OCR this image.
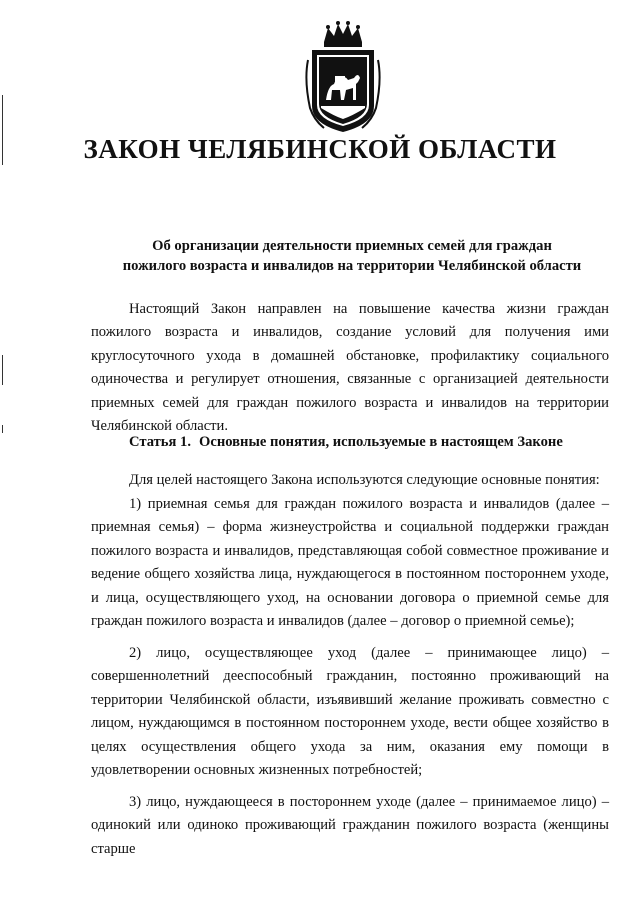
ЗАКОН ЧЕЛЯБИНСКОЙ ОБЛАСТИ
Об организации деятельности приемных семей для граждан
пожилого возраста и инвалидов на территории Челябинской области

Настоящий Закон направлен на повышение качества жизни граждан пожилого возраста и инвалидов, создание условий для получения ими круглосуточного ухода в домашней обстановке, профилактику социального одиночества и регулирует отношения, связанные с организацией деятельности приемных семей для граждан пожилого возраста и инвалидов на территории Челябинской области.

Статья 1. Основные понятия, используемые в настоящем Законе

Для целей настоящего Закона используются следующие основные понятия:

1) приемная семья для граждан пожилого возраста и инвалидов (далее – приемная семья) – форма жизнеустройства и социальной поддержки граждан пожилого возраста и инвалидов, представляющая собой совместное проживание и ведение общего хозяйства лица, нуждающегося в постоянном постороннем уходе, и лица, осуществляющего уход, на основании договора о приемной семье для граждан пожилого возраста и инвалидов (далее – договор о приемной семье);

2) лицо, осуществляющее уход (далее – принимающее лицо) – совершеннолетний дееспособный гражданин, постоянно проживающий на территории Челябинской области, изъявивший желание проживать совместно с лицом, нуждающимся в постоянном постороннем уходе, вести общее хозяйство в целях осуществления общего ухода за ним, оказания ему помощи в удовлетворении основных жизненных потребностей;

3) лицо, нуждающееся в постороннем уходе (далее – принимаемое лицо) – одинокий или одиноко проживающий гражданин пожилого возраста (женщины старше
